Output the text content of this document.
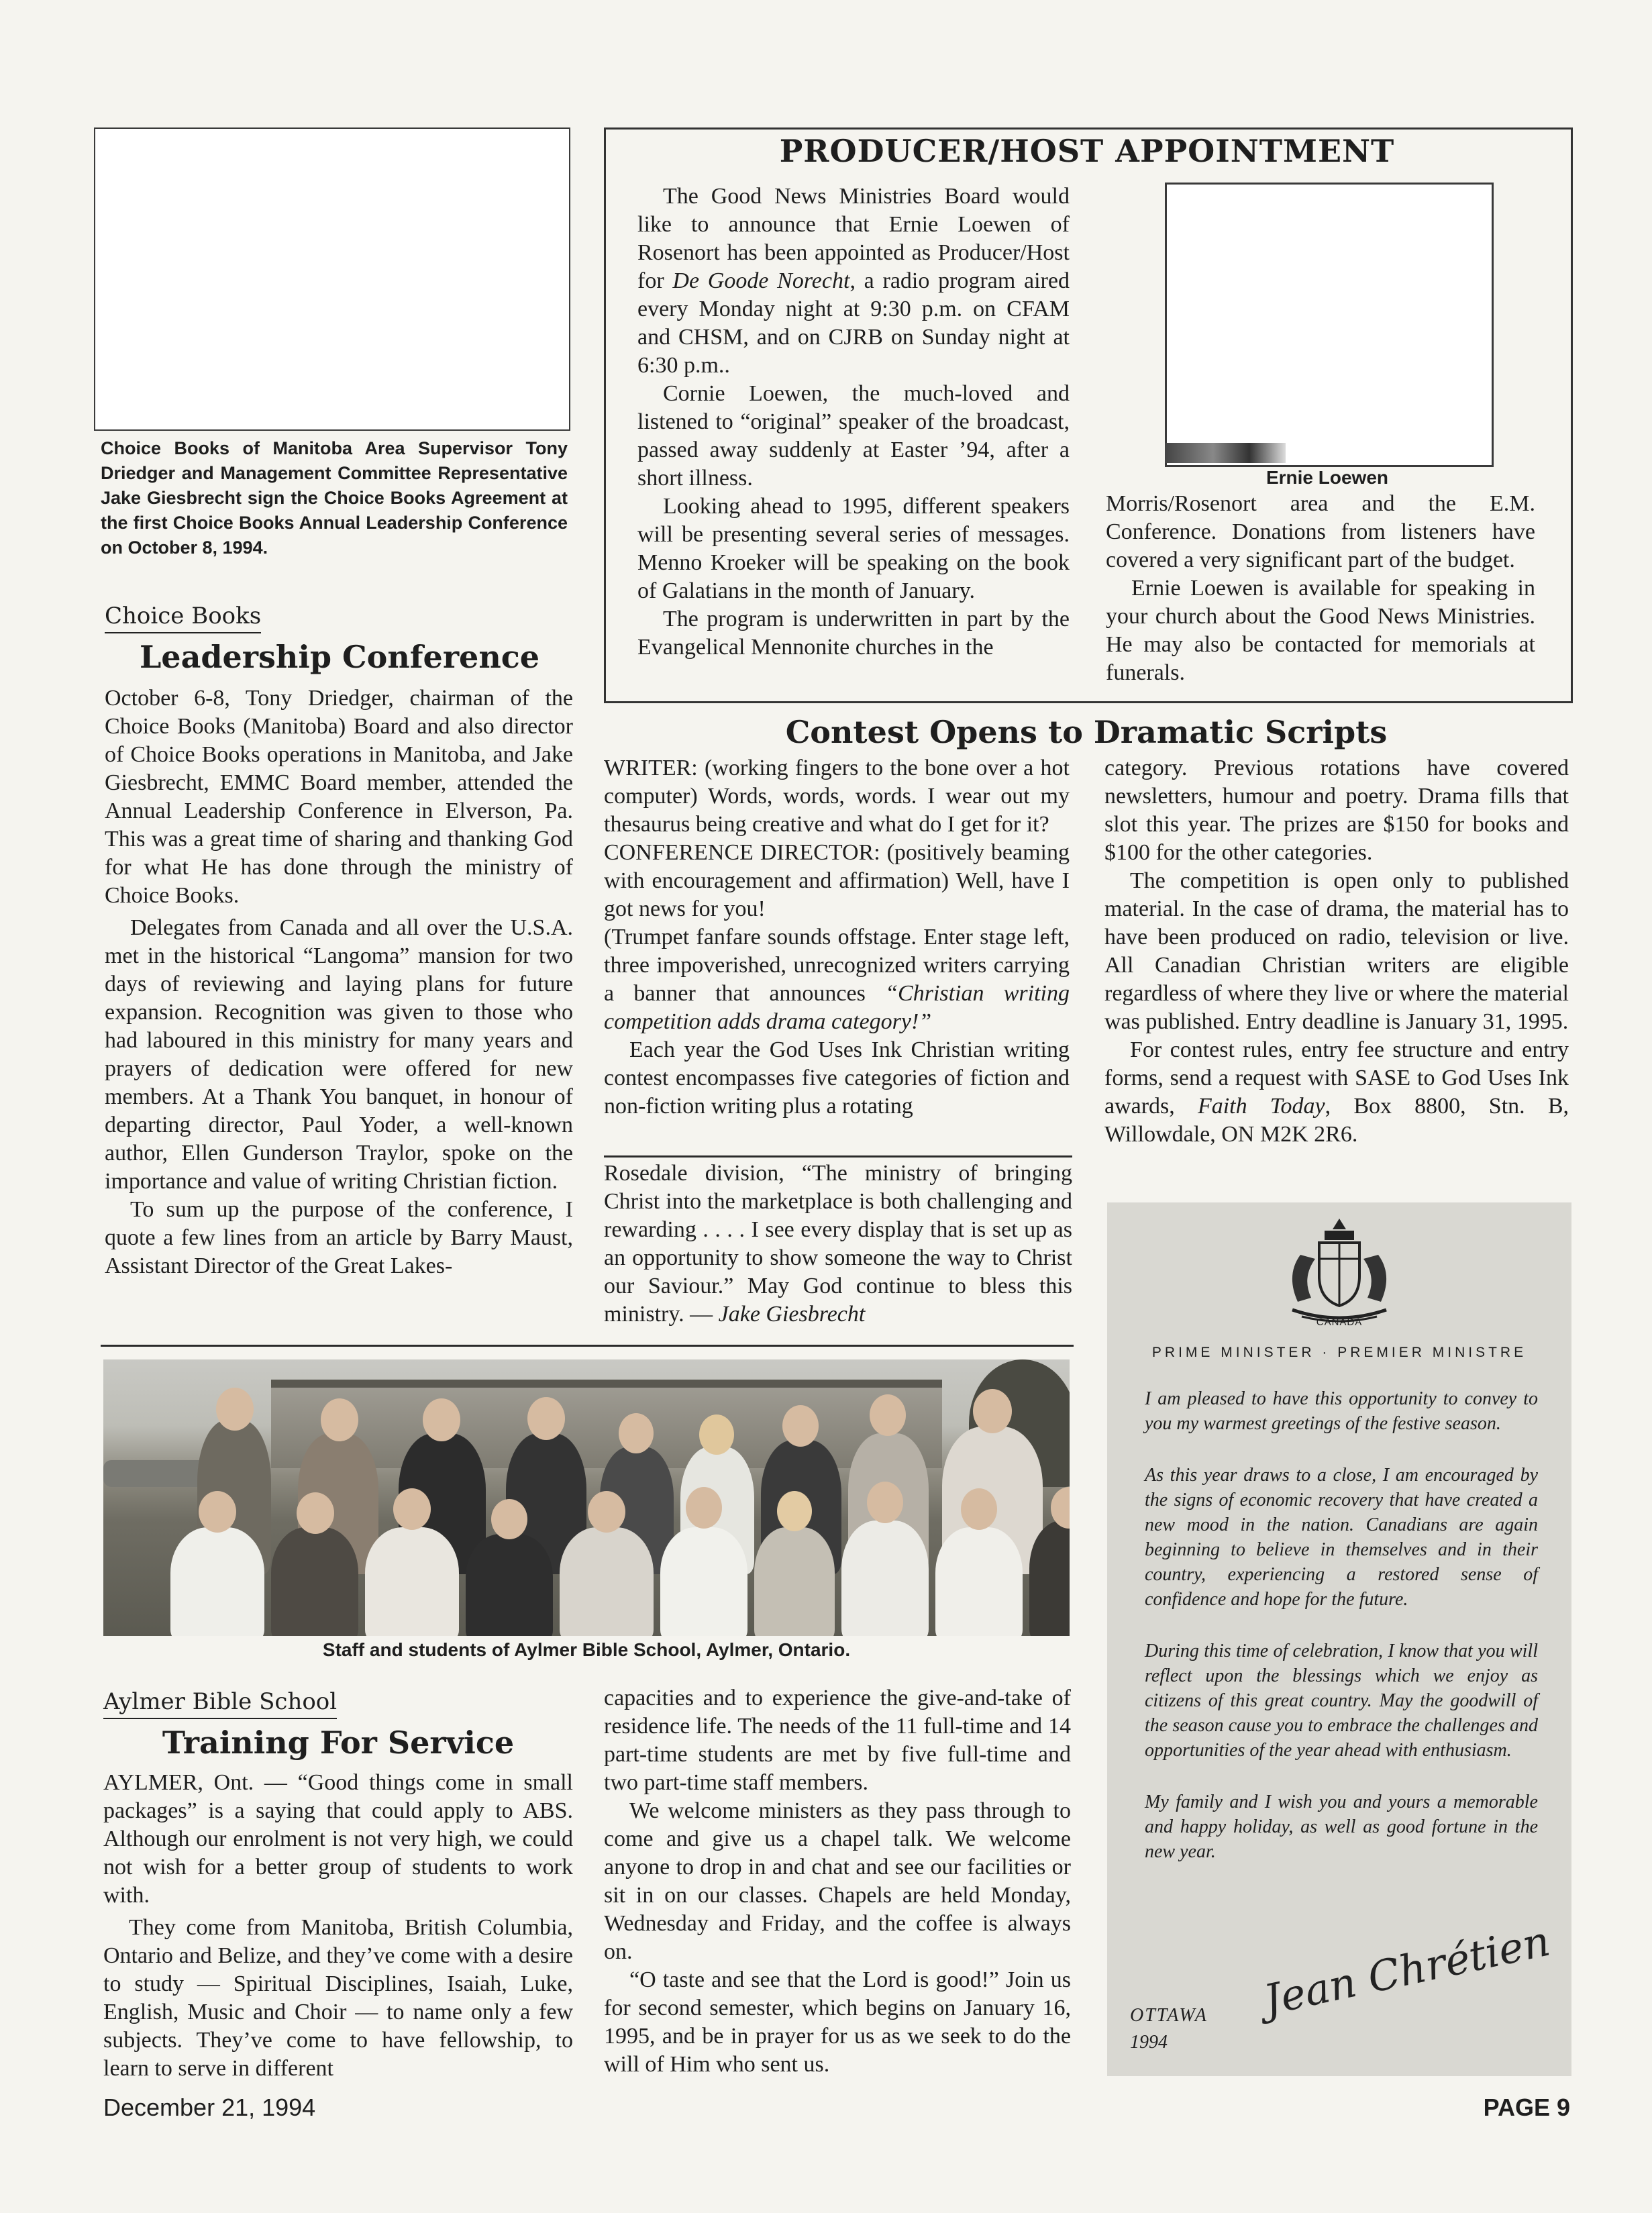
Choice Books of Manitoba Area Supervisor Tony Driedger and Management Committee Representative Jake Giesbrecht sign the Choice Books Agreement at the first Choice Books Annual Leadership Conference on October 8, 1994.
Choice Books
Leadership Conference

October 6-8, Tony Driedger, chairman of the Choice Books (Manitoba) Board and also director of Choice Books operations in Manitoba, and Jake Giesbrecht, EMMC Board member, attended the Annual Leadership Conference in Elverson, Pa. This was a great time of sharing and thanking God for what He has done through the ministry of Choice Books.

Delegates from Canada and all over the U.S.A. met in the historical “Langoma” mansion for two days of reviewing and laying plans for future expansion. Recognition was given to those who had laboured in this ministry for many years and prayers of dedication were offered for new members. At a Thank You banquet, in honour of departing director, Paul Yoder, a well-known author, Ellen Gunderson Traylor, spoke on the importance and value of writing Christian fiction.

To sum up the purpose of the conference, I quote a few lines from an article by Barry Maust, Assistant Director of the Great Lakes-

PRODUCER/HOST APPOINTMENT

The Good News Ministries Board would like to announce that Ernie Loewen of Rosenort has been appointed as Producer/Host for De Goode Norecht, a radio program aired every Monday night at 9:30 p.m. on CFAM and CHSM, and on CJRB on Sunday night at 6:30 p.m..

Cornie Loewen, the much-loved and listened to “original” speaker of the broadcast, passed away suddenly at Easter ’94, after a short illness.

Looking ahead to 1995, different speakers will be presenting several series of messages. Menno Kroeker will be speaking on the book of Galatians in the month of January.

The program is underwritten in part by the Evangelical Mennonite churches in the

Ernie Loewen

Morris/Rosenort area and the E.M. Conference. Donations from listeners have covered a very significant part of the budget.

Ernie Loewen is available for speaking in your church about the Good News Ministries. He may also be contacted for memorials at funerals.

Contest Opens to Dramatic Scripts

WRITER: (working fingers to the bone over a hot computer) Words, words, words. I wear out my thesaurus being creative and what do I get for it?

CONFERENCE DIRECTOR: (positively beaming with encouragement and affirmation) Well, have I got news for you!

(Trumpet fanfare sounds offstage. Enter stage left, three impoverished, unrecognized writers carrying a banner that announces “Christian writing competition adds drama category!”

Each year the God Uses Ink Christian writing contest encompasses five categories of fiction and non-fiction writing plus a rotating

Rosedale division, “The ministry of bringing Christ into the marketplace is both challenging and rewarding . . . . I see every display that is set up as an opportunity to show someone the way to Christ our Saviour.” May God continue to bless this ministry. — Jake Giesbrecht

category. Previous rotations have covered newsletters, humour and poetry. Drama fills that slot this year. The prizes are $150 for books and $100 for the other categories.

The competition is open only to published material. In the case of drama, the material has to have been produced on radio, television or live. All Canadian Christian writers are eligible regardless of where they live or where the material was published. Entry deadline is January 31, 1995.

For contest rules, entry fee structure and entry forms, send a request with SASE to God Uses Ink awards, Faith Today, Box 8800, Stn. B, Willowdale, ON M2K 2R6.

Staff and students of Aylmer Bible School, Aylmer, Ontario.
Aylmer Bible School
Training For Service

AYLMER, Ont. — “Good things come in small packages” is a saying that could apply to ABS. Although our enrolment is not very high, we could not wish for a better group of students to work with.

They come from Manitoba, British Columbia, Ontario and Belize, and they’ve come with a desire to study — Spiritual Disciplines, Isaiah, Luke, English, Music and Choir — to name only a few subjects. They’ve come to have fellowship, to learn to serve in different

capacities and to experience the give-and-take of residence life. The needs of the 11 full-time and 14 part-time students are met by five full-time and two part-time staff members.

We welcome ministers as they pass through to come and give us a chapel talk. We welcome anyone to drop in and chat and see our facilities or sit in on our classes. Chapels are held Monday, Wednesday and Friday, and the coffee is always on.

“O taste and see that the Lord is good!” Join us for second semester, which begins on January 16, 1995, and be in prayer for us as we seek to do the will of Him who sent us.

CANADA
PRIME MINISTER · PREMIER MINISTRE

I am pleased to have this opportunity to convey to you my warmest greetings of the festive season.

As this year draws to a close, I am encouraged by the signs of economic recovery that have created a new mood in the nation. Canadians are again beginning to believe in themselves and in their country, experiencing a restored sense of confidence and hope for the future.

During this time of celebration, I know that you will reflect upon the blessings which we enjoy as citizens of this great country. May the goodwill of the season cause you to embrace the challenges and opportunities of the year ahead with enthusiasm.

My family and I wish you and yours a memorable and happy holiday, as well as good fortune in the new year.

Jean Chrétien
OTTAWA
1994
December 21, 1994	PAGE 9
